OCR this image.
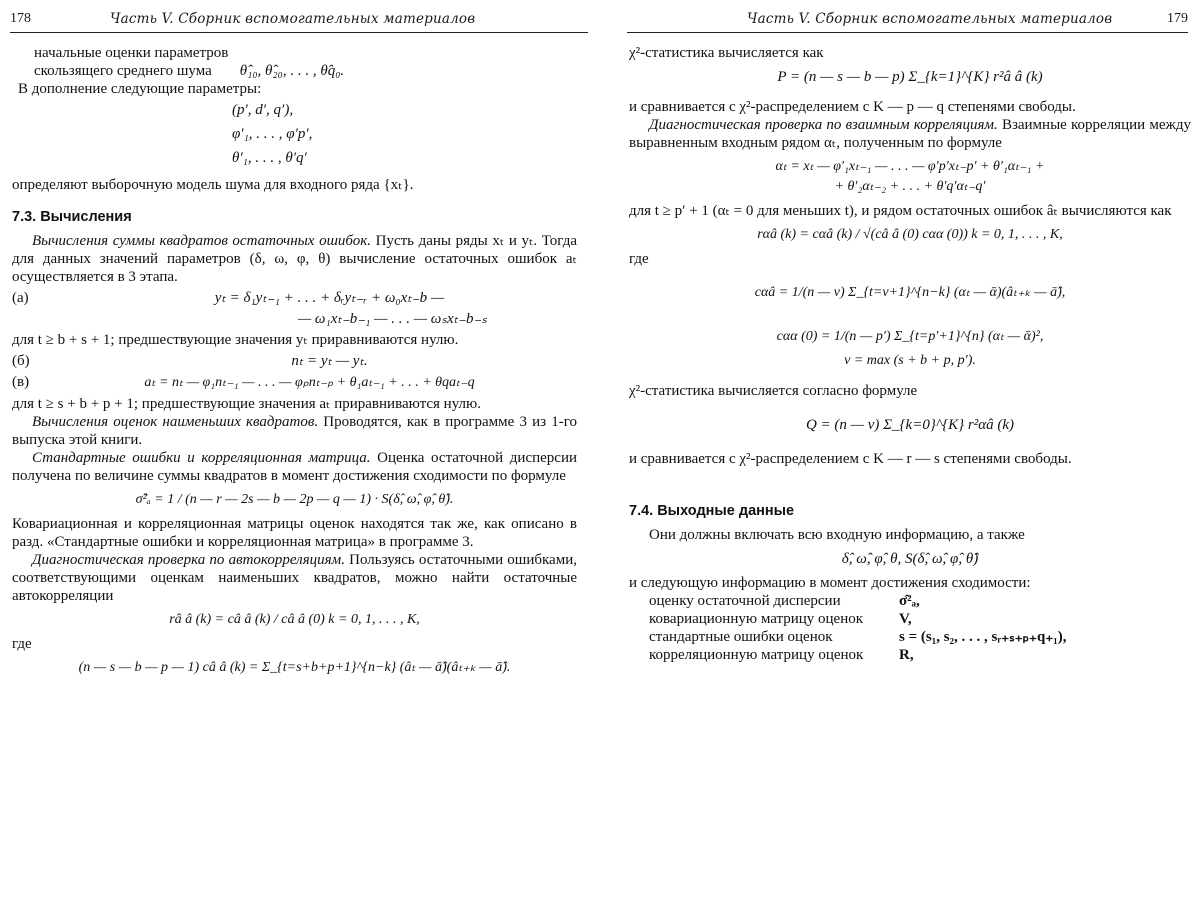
178	Часть V. Сборник вспомогательных материалов

начальные оценки параметров

скользящего среднего шума θ̂₁₀, θ̂₂₀, . . . , θ̂q₀.

В дополнение следующие параметры:

(p′, d′, q′),
φ′₁, . . . , φ′p′,
θ′₁, . . . , θ′q′

определяют выборочную модель шума для входного ряда {xₜ}.

7.3. Вычисления

Вычисления суммы квадратов остаточных ошибок. Пусть даны ряды xₜ и yₜ. Тогда для данных значений параметров (δ, ω, φ, θ) вычисление остаточных ошибок aₜ осуществляется в 3 этапа.

(а)	yₜ = δ₁yₜ₋₁ + . . . + δᵣyₜ₋ᵣ + ω₀xₜ₋b —
— ω₁xₜ₋b₋₁ — . . . — ωₛxₜ₋b₋ₛ

для t ≥ b + s + 1; предшествующие значения yₜ приравниваются нулю.

(б)	nₜ = yₜ — yₜ.
(в)	aₜ = nₜ — φ₁nₜ₋₁ — . . . — φₚnₜ₋ₚ + θ₁aₜ₋₁ + . . . + θqaₜ₋q

для t ≥ s + b + p + 1; предшествующие значения aₜ приравниваются нулю.

Вычисления оценок наименьших квадратов. Проводятся, как в программе 3 из 1-го выпуска этой книги.

Стандартные ошибки и корреляционная матрица. Оценка остаточной дисперсии получена по величине суммы квадратов в момент достижения сходимости по формуле

σ̂²ₐ = 1 / (n — r — 2s — b — 2p — q — 1) · S(δ̂, ω̂, φ̂, θ̂).

Ковариационная и корреляционная матрицы оценок находятся так же, как описано в разд. «Стандартные ошибки и корреляционная матрица» в программе 3.

Диагностическая проверка по автокорреляциям. Пользуясь остаточными ошибками, соответствующими оценкам наименьших квадратов, можно найти остаточные автокорреляции

râ â (k) = câ â (k) / câ â (0) k = 0, 1, . . . , K,

где

(n — s — b — p — 1) câ â (k) = Σ_{t=s+b+p+1}^{n−k} (âₜ — ā̂)(âₜ₊ₖ — ā̂).
Часть V. Сборник вспомогательных материалов	179

χ²-статистика вычисляется как

P = (n — s — b — p) Σ_{k=1}^{K} r²â â (k)

и сравнивается с χ²-распределением с K — p — q степенями свободы.

Диагностическая проверка по взаимным корреляциям. Взаимные корреляции между выравненным входным рядом αₜ, полученным по формуле

αₜ = xₜ — φ′₁xₜ₋₁ — . . . — φ′p′xₜ₋p′ + θ′₁αₜ₋₁ +
+ θ′₂αₜ₋₂ + . . . + θ′q′αₜ₋q′

для t ≥ p′ + 1 (αₜ = 0 для меньших t), и рядом остаточных ошибок âₜ вычисляются как

rαâ (k) = cαâ (k) / √(câ â (0) cαα (0)) k = 0, 1, . . . , K,

где

cαâ = 1/(n — v) Σ_{t=v+1}^{n−k} (αₜ — ᾱ)(âₜ₊ₖ — ā̂),
cαα (0) = 1/(n — p′) Σ_{t=p′+1}^{n} (αₜ — ᾱ)²,
v = max (s + b + p, p′).

χ²-статистика вычисляется согласно формуле

Q = (n — v) Σ_{k=0}^{K} r²αâ (k)

и сравнивается с χ²-распределением с K — r — s степенями свободы.

7.4. Выходные данные

Они должны включать всю входную информацию, а также

δ̂, ω̂, φ̂, θ, S(δ̂, ω̂, φ̂, θ̂)

и следующую информацию в момент достижения сходимости:

оценку остаточной дисперсии	σ̂²ₐ,
ковариационную матрицу оценок	V,
стандартные ошибки оценок	s = (s₁, s₂, . . . , sᵣ₊ₛ₊ₚ₊q₊₁),
корреляционную матрицу оценок	R,
